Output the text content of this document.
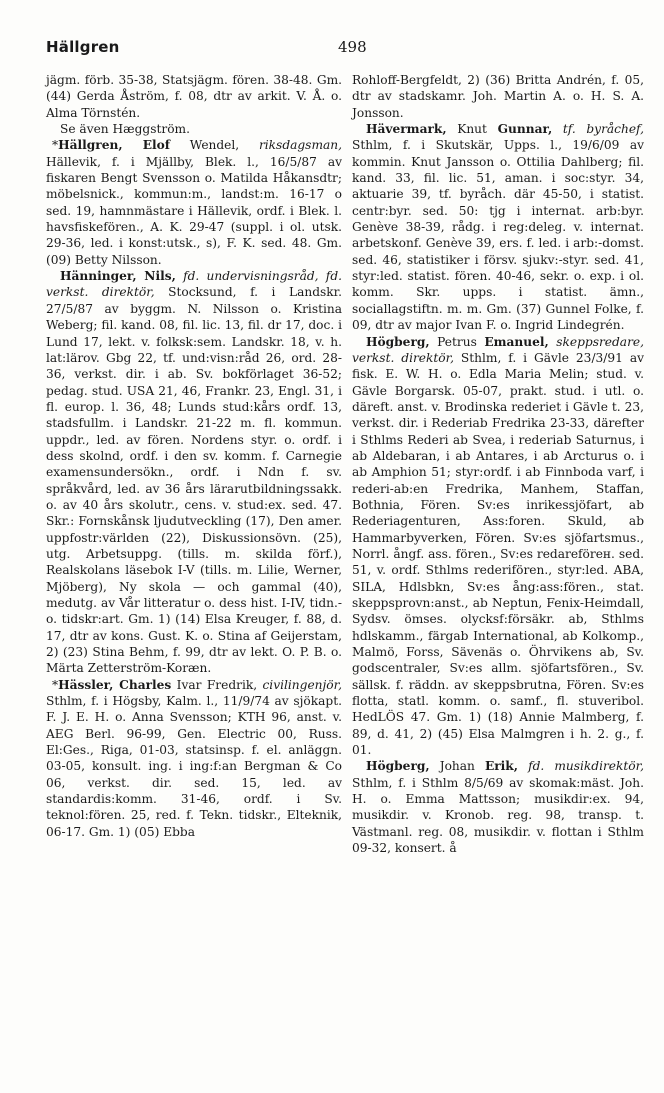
Hällgren	498

jägm. förb. 35-38, Statsjägm. fören. 38-48. Gm. (44) Gerda Åström, f. 08, dtr av arkit. V. Å. o. Alma Törnstén.

Se även Hæggström.

*Hällgren, Elof Wendel, riksdagsman, Hällevik, f. i Mjällby, Blek. l., 16/5/87 av fiskaren Bengt Svensson o. Matilda Håkansdtr; möbelsnick., kommun:m., landst:m. 16-17 o sed. 19, hamnmästare i Hällevik, ordf. i Blek. l. havsfiskefören., A. K. 29-47 (suppl. i ol. utsk. 29-36, led. i konst:utsk., s), F. K. sed. 48. Gm. (09) Betty Nilsson.

Hänninger, Nils, fd. undervisningsråd, fd. verkst. direktör, Stocksund, f. i Landskr. 27/5/87 av byggm. N. Nilsson o. Kristina Weberg; fil. kand. 08, fil. lic. 13, fil. dr 17, doc. i Lund 17, lekt. v. folksk:sem. Landskr. 18, v. h. lat:lärov. Gbg 22, tf. und:visn:råd 26, ord. 28-36, verkst. dir. i ab. Sv. bokförlaget 36-52; pedag. stud. USA 21, 46, Frankr. 23, Engl. 31, i fl. europ. l. 36, 48; Lunds stud:kårs ordf. 13, stadsfullm. i Landskr. 21-22 m. fl. kommun. uppdr., led. av fören. Nordens styr. o. ordf. i dess skolnd, ordf. i den sv. komm. f. Carnegie examensundersökn., ordf. i Ndn f. sv. språkvård, led. av 36 års lärarutbildningssakk. o. av 40 års skolutr., cens. v. stud:ex. sed. 47. Skr.: Fornskånsk ljudutveckling (17), Den amer. uppfostr:världen (22), Diskussionsövn. (25), utg. Arbetsuppg. (tills. m. skilda förf.), Realskolans läsebok I-V (tills. m. Lilie, Werner, Mjöberg), Ny skola — och gammal (40), medutg. av Vår litteratur o. dess hist. I-IV, tidn.- o. tidskr:art. Gm. 1) (14) Elsa Kreuger, f. 88, d. 17, dtr av kons. Gust. K. o. Stina af Geijerstam, 2) (23) Stina Behm, f. 99, dtr av lekt. O. P. B. o. Märta Zetterström-Koræn.

*Hässler, Charles Ivar Fredrik, civilingenjör, Sthlm, f. i Högsby, Kalm. l., 11/9/74 av sjökapt. F. J. E. H. o. Anna Svensson; KTH 96, anst. v. AEG Berl. 96-99, Gen. Electric 00, Russ. El:Ges., Riga, 01-03, statsinsp. f. el. anläggn. 03-05, konsult. ing. i ing:f:an Bergman & Co 06, verkst. dir. sed. 15, led. av standardis:komm. 31-46, ordf. i Sv. teknol:fören. 25, red. f. Tekn. tidskr., Elteknik, 06-17. Gm. 1) (05) Ebba

Rohloff-Bergfeldt, 2) (36) Britta Andrén, f. 05, dtr av stadskamr. Joh. Martin A. o. H. S. A. Jonsson.

Hävermark, Knut Gunnar, tf. byråchef, Sthlm, f. i Skutskär, Upps. l., 19/6/09 av kommin. Knut Jansson o. Ottilia Dahlberg; fil. kand. 33, fil. lic. 51, aman. i soc:styr. 34, aktuarie 39, tf. byråch. där 45-50, i statist. centr:byr. sed. 50: tjg i internat. arb:byr. Genève 38-39, rådg. i reg:deleg. v. internat. arbetskonf. Genève 39, ers. f. led. i arb:-domst. sed. 46, statistiker i försv. sjukv:-styr. sed. 41, styr:led. statist. fören. 40-46, sekr. o. exp. i ol. komm. Skr. upps. i statist. ämn., sociallagstiftn. m. m. Gm. (37) Gunnel Folke, f. 09, dtr av major Ivan F. o. Ingrid Lindegrén.

Högberg, Petrus Emanuel, skeppsredare, verkst. direktör, Sthlm, f. i Gävle 23/3/91 av fisk. E. W. H. o. Edla Maria Melin; stud. v. Gävle Borgarsk. 05-07, prakt. stud. i utl. o. däreft. anst. v. Brodinska rederiet i Gävle t. 23, verkst. dir. i Rederiab Fredrika 23-33, därefter i Sthlms Rederi ab Svea, i rederiab Saturnus, i ab Aldebaran, i ab Antares, i ab Arcturus o. i ab Amphion 51; styr:ordf. i ab Finnboda varf, i rederi-ab:en Fredrika, Manhem, Staffan, Bothnia, Fören. Sv:es inrikessjöfart, ab Rederiagenturen, Ass:foren. Skuld, ab Hammarbyverken, Fören. Sv:es sjöfartsmus., Norrl. ångf. ass. fören., Sv:es redareförен. sed. 51, v. ordf. Sthlms rederifören., styr:led. ABA, SILA, Hdlsbkn, Sv:es ång:ass:fören., stat. skeppsprovn:anst., ab Neptun, Fenix-Heimdall, Sydsv. ömses. olycksf:försäkr. ab, Sthlms hdlskamm., färgab International, ab Kolkomp., Malmö, Forss, Sävenäs o. Öhrvikens ab, Sv. godscentraler, Sv:es allm. sjöfartsfören., Sv. sällsk. f. räddn. av skeppsbrutna, Fören. Sv:es flotta, statl. komm. o. samf., fl. stuveribol. HedLÖS 47. Gm. 1) (18) Annie Malmberg, f. 89, d. 41, 2) (45) Elsa Malmgren i h. 2. g., f. 01.

Högberg, Johan Erik, fd. musikdirektör, Sthlm, f. i Sthlm 8/5/69 av skomak:mäst. Joh. H. o. Emma Mattsson; musikdir:ex. 94, musikdir. v. Kronob. reg. 98, transp. t. Västmanl. reg. 08, musikdir. v. flottan i Sthlm 09-32, konsert. å
